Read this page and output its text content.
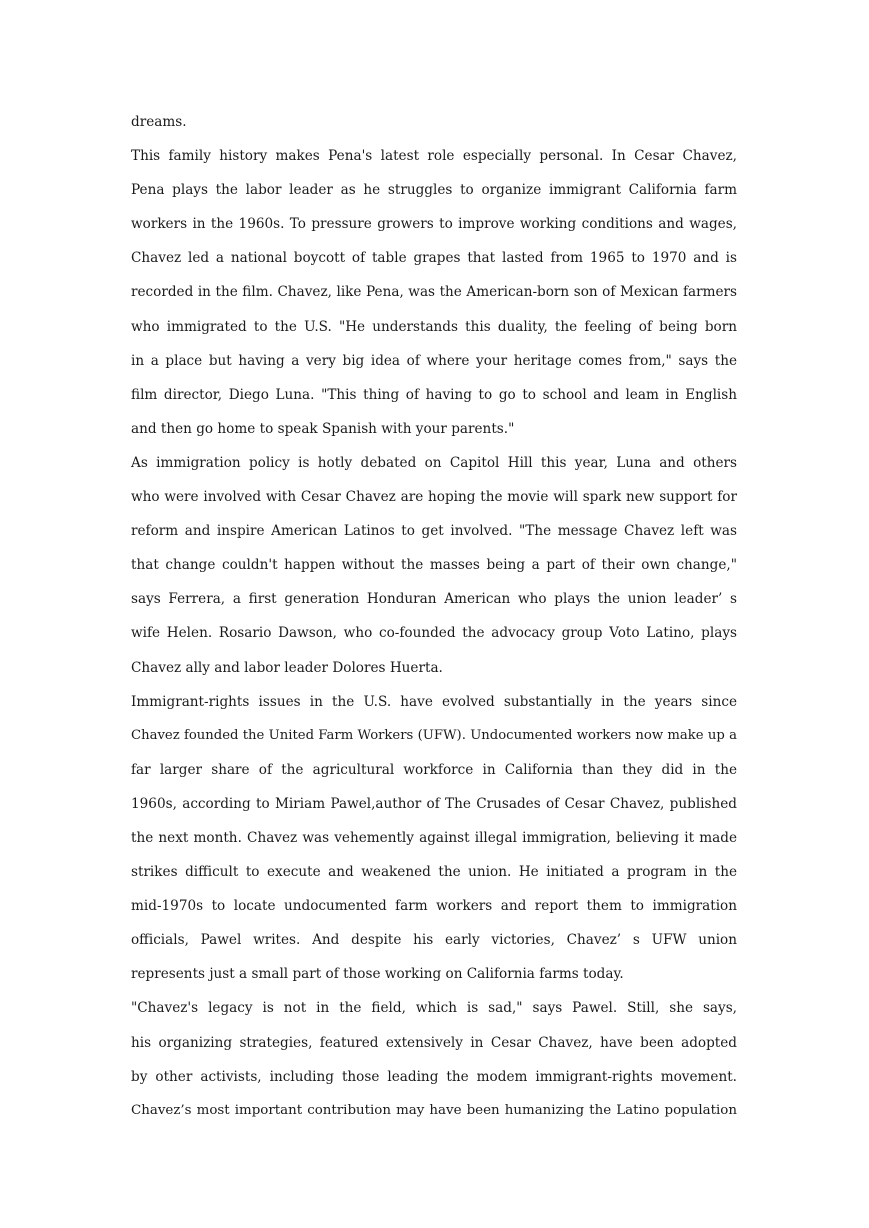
dreams.
This family history makes Pena's latest role especially personal. In Cesar Chavez,
Pena plays the labor leader as he struggles to organize immigrant California farm
workers in the 1960s. To pressure growers to improve working conditions and wages,
Chavez led a national boycott of table grapes that lasted from 1965 to 1970 and is
recorded in the film. Chavez, like Pena, was the American-born son of Mexican farmers
who immigrated to the U.S. "He understands this duality, the feeling of being born
in a place but having a very big idea of where your heritage comes from," says the
film director, Diego Luna. "This thing of having to go to school and leam in English
and then go home to speak Spanish with your parents."
As immigration policy is hotly debated on Capitol Hill this year, Luna and others
who were involved with Cesar Chavez are hoping the movie will spark new support for
reform and inspire American Latinos to get involved. "The message Chavez left was
that change couldn't happen without the masses being a part of their own change,"
says Ferrera, a first generation Honduran American who plays the union leader’ s
wife Helen. Rosario Dawson, who co-founded the advocacy group Voto Latino, plays
Chavez ally and labor leader Dolores Huerta.
Immigrant-rights issues in the U.S. have evolved substantially in the years since
Chavez founded the United Farm Workers (UFW). Undocumented workers now make up a
far larger share of the agricultural workforce in California than they did in the
1960s, according to Miriam Pawel,author of The Crusades of Cesar Chavez, published
the next month. Chavez was vehemently against illegal immigration, believing it made
strikes difficult to execute and weakened the union. He initiated a program in the
mid-1970s to locate undocumented farm workers and report them to immigration
officials, Pawel writes. And despite his early victories, Chavez’ s UFW union
represents just a small part of those working on California farms today.
"Chavez's legacy is not in the field, which is sad," says Pawel. Still, she says,
his organizing strategies, featured extensively in Cesar Chavez, have been adopted
by other activists, including those leading the modem immigrant-rights movement.
Chavez’s most important contribution may have been humanizing the Latino population
